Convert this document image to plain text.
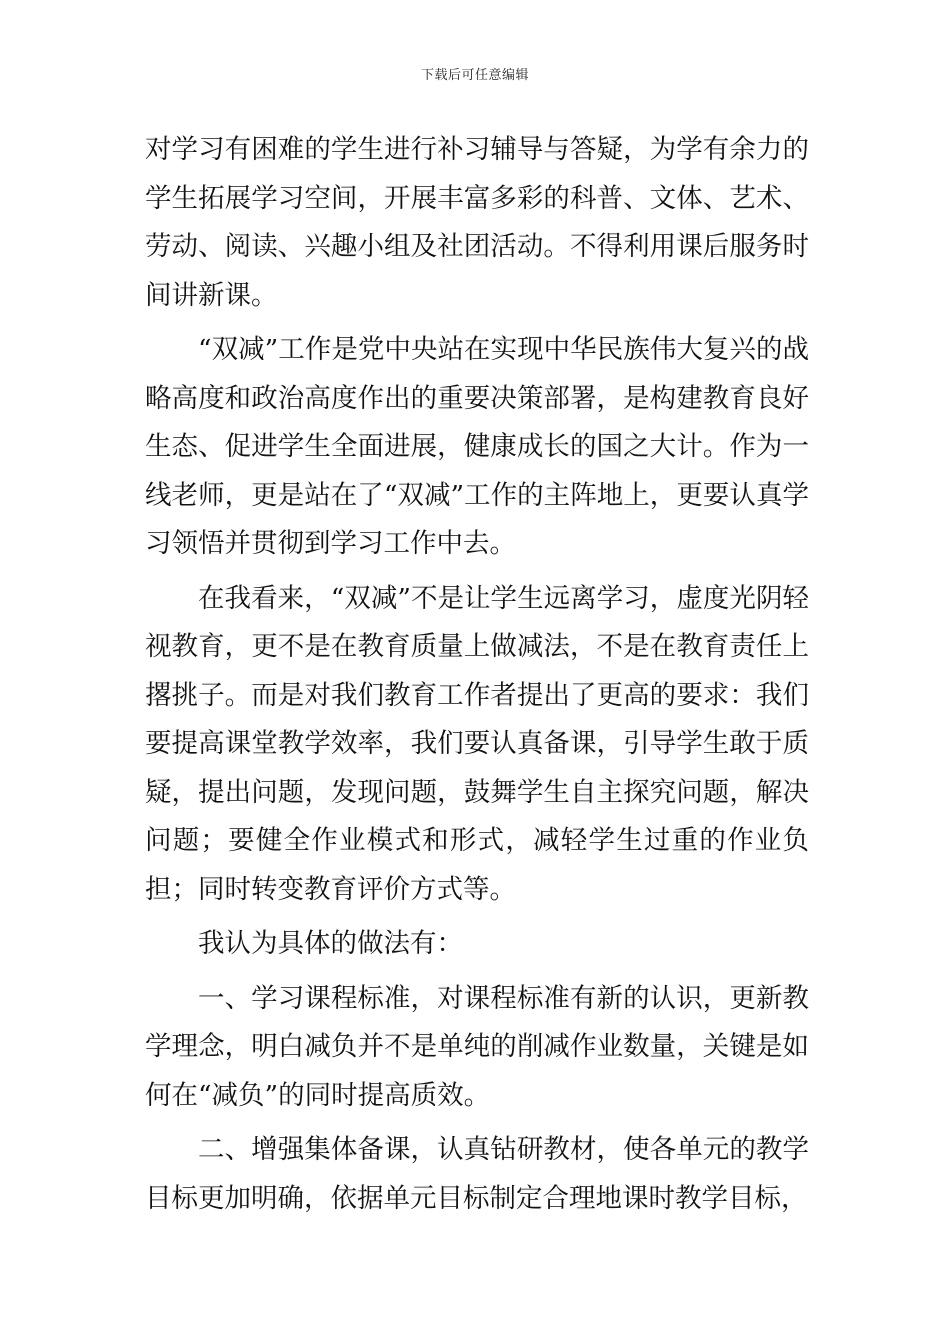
下载后可任意编辑

对学习有困难的学生进行补习辅导与答疑，为学有余力的学生拓展学习空间，开展丰富多彩的科普、文体、艺术、劳动、阅读、兴趣小组及社团活动。不得利用课后服务时间讲新课。

“双减”工作是党中央站在实现中华民族伟大复兴的战略高度和政治高度作出的重要决策部署，是构建教育良好生态、促进学生全面进展，健康成长的国之大计。作为一线老师，更是站在了“双减”工作的主阵地上，更要认真学习领悟并贯彻到学习工作中去。

在我看来，“双减”不是让学生远离学习，虚度光阴轻视教育，更不是在教育质量上做减法，不是在教育责任上撂挑子。而是对我们教育工作者提出了更高的要求：我们要提高课堂教学效率，我们要认真备课，引导学生敢于质疑，提出问题，发现问题，鼓舞学生自主探究问题，解决问题；要健全作业模式和形式，减轻学生过重的作业负担；同时转变教育评价方式等。

我认为具体的做法有：

一、学习课程标准，对课程标准有新的认识，更新教学理念，明白减负并不是单纯的削减作业数量，关键是如何在“减负”的同时提高质效。

二、增强集体备课，认真钻研教材，使各单元的教学目标更加明确，依据单元目标制定合理地课时教学目标，
